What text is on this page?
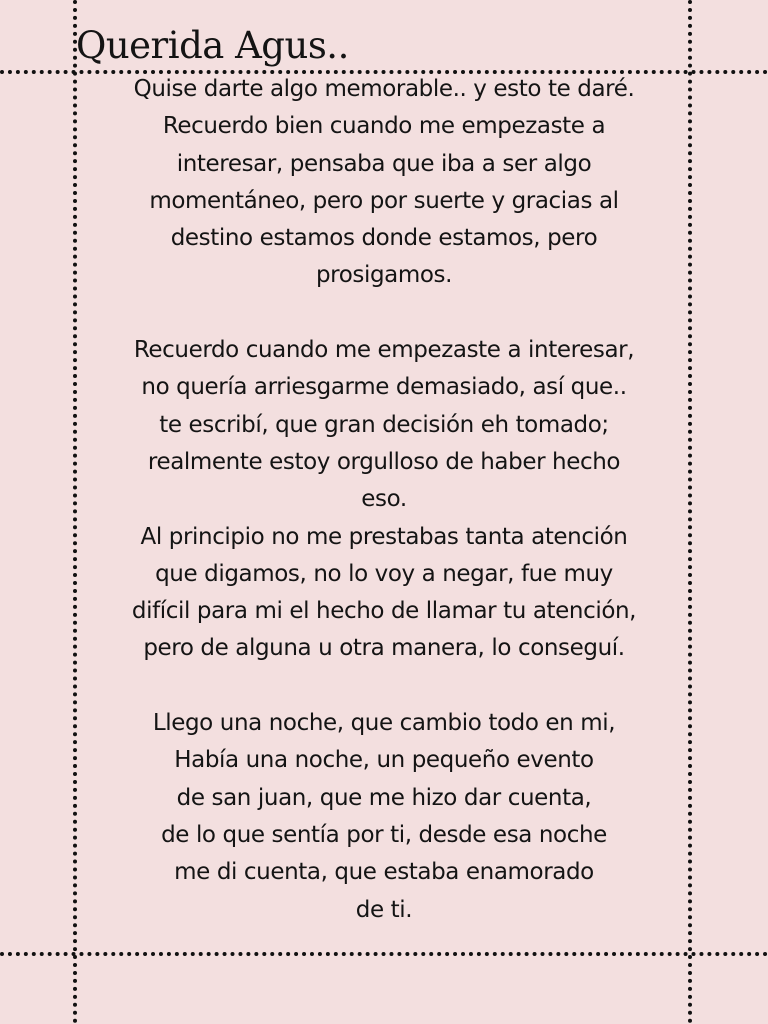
Querida Agus..

Quise darte algo memorable.. y esto te daré.
Recuerdo bien cuando me empezaste a
interesar, pensaba que iba a ser algo
momentáneo, pero por suerte y gracias al
destino estamos donde estamos, pero
prosigamos.

Recuerdo cuando me empezaste a interesar,
no quería arriesgarme demasiado, así que..
te escribí, que gran decisión eh tomado;
realmente estoy orgulloso de haber hecho
eso.
Al principio no me prestabas tanta atención
que digamos, no lo voy a negar, fue muy
difícil para mi el hecho de llamar tu atención,
pero de alguna u otra manera, lo conseguí.

Llego una noche, que cambio todo en mi,
Había una noche, un pequeño evento
de san juan, que me hizo dar cuenta,
de lo que sentía por ti, desde esa noche
me di cuenta, que estaba enamorado
de ti.
